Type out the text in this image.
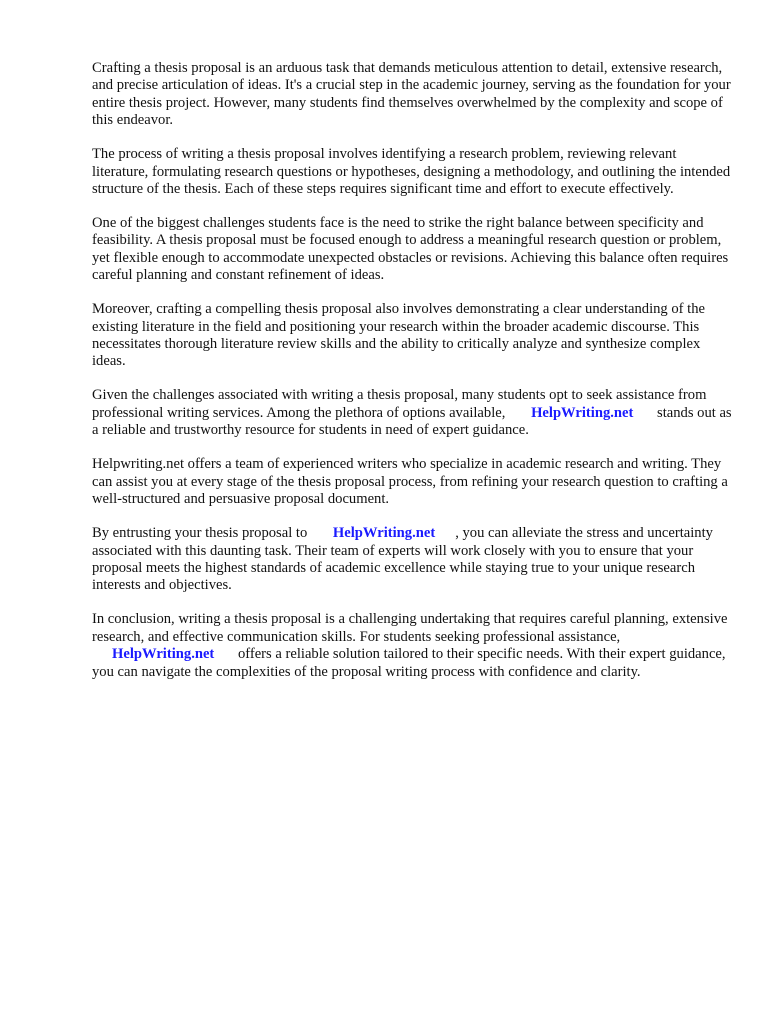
Crafting a thesis proposal is an arduous task that demands meticulous attention to detail, extensive research, and precise articulation of ideas. It's a crucial step in the academic journey, serving as the foundation for your entire thesis project. However, many students find themselves overwhelmed by the complexity and scope of this endeavor.

The process of writing a thesis proposal involves identifying a research problem, reviewing relevant literature, formulating research questions or hypotheses, designing a methodology, and outlining the intended structure of the thesis. Each of these steps requires significant time and effort to execute effectively.

One of the biggest challenges students face is the need to strike the right balance between specificity and feasibility. A thesis proposal must be focused enough to address a meaningful research question or problem, yet flexible enough to accommodate unexpected obstacles or revisions. Achieving this balance often requires careful planning and constant refinement of ideas.

Moreover, crafting a compelling thesis proposal also involves demonstrating a clear understanding of the existing literature in the field and positioning your research within the broader academic discourse. This necessitates thorough literature review skills and the ability to critically analyze and synthesize complex ideas.

Given the challenges associated with writing a thesis proposal, many students opt to seek assistance from professional writing services. Among the plethora of options available, HelpWriting.net stands out as a reliable and trustworthy resource for students in need of expert guidance.

Helpwriting.net offers a team of experienced writers who specialize in academic research and writing. They can assist you at every stage of the thesis proposal process, from refining your research question to crafting a well-structured and persuasive proposal document.

By entrusting your thesis proposal to HelpWriting.net , you can alleviate the stress and uncertainty associated with this daunting task. Their team of experts will work closely with you to ensure that your proposal meets the highest standards of academic excellence while staying true to your unique research interests and objectives.

In conclusion, writing a thesis proposal is a challenging undertaking that requires careful planning, extensive research, and effective communication skills. For students seeking professional assistance, HelpWriting.net offers a reliable solution tailored to their specific needs. With their expert guidance, you can navigate the complexities of the proposal writing process with confidence and clarity.
